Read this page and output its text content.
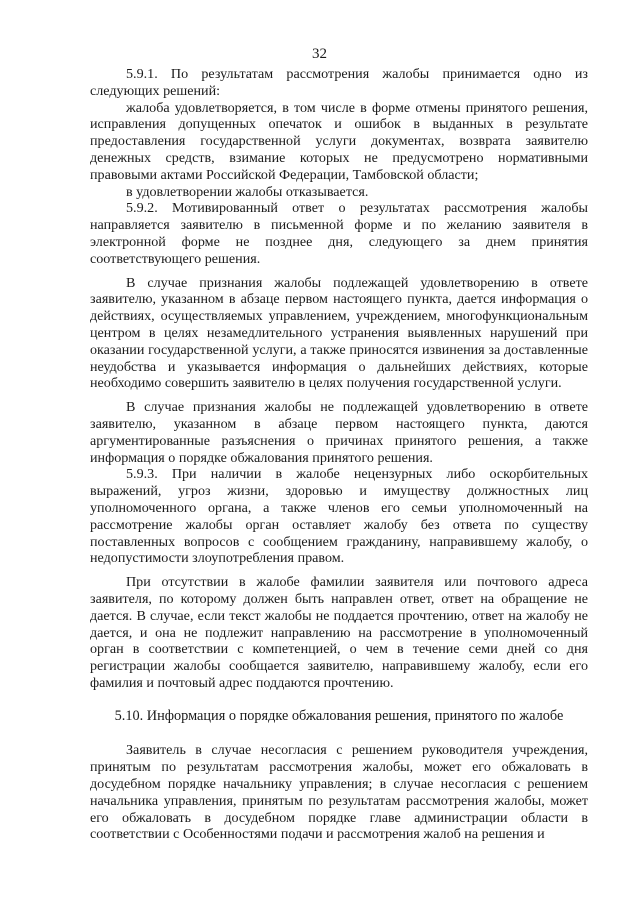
32

5.9.1. По результатам рассмотрения жалобы принимается одно из следующих решений:

жалоба удовлетворяется, в том числе в форме отмены принятого решения, исправления допущенных опечаток и ошибок в выданных в результате предоставления государственной услуги документах, возврата заявителю денежных средств, взимание которых не предусмотрено нормативными правовыми актами Российской Федерации, Тамбовской области;

в удовлетворении жалобы отказывается.

5.9.2. Мотивированный ответ о результатах рассмотрения жалобы направляется заявителю в письменной форме и по желанию заявителя в электронной форме не позднее дня, следующего за днем принятия соответствующего решения.

В случае признания жалобы подлежащей удовлетворению в ответе заявителю, указанном в абзаце первом настоящего пункта, дается информация о действиях, осуществляемых управлением, учреждением, многофункциональным центром в целях незамедлительного устранения выявленных нарушений при оказании государственной услуги, а также приносятся извинения за доставленные неудобства и указывается информация о дальнейших действиях, которые необходимо совершить заявителю в целях получения государственной услуги.

В случае признания жалобы не подлежащей удовлетворению в ответе заявителю, указанном в абзаце первом настоящего пункта, даются аргументированные разъяснения о причинах принятого решения, а также информация о порядке обжалования принятого решения.

5.9.3. При наличии в жалобе нецензурных либо оскорбительных выражений, угроз жизни, здоровью и имуществу должностных лиц уполномоченного органа, а также членов его семьи уполномоченный на рассмотрение жалобы орган оставляет жалобу без ответа по существу поставленных вопросов с сообщением гражданину, направившему жалобу, о недопустимости злоупотребления правом.

При отсутствии в жалобе фамилии заявителя или почтового адреса заявителя, по которому должен быть направлен ответ, ответ на обращение не дается. В случае, если текст жалобы не поддается прочтению, ответ на жалобу не дается, и она не подлежит направлению на рассмотрение в уполномоченный орган в соответствии с компетенцией, о чем в течение семи дней со дня регистрации жалобы сообщается заявителю, направившему жалобу, если его фамилия и почтовый адрес поддаются прочтению.

5.10. Информация о порядке обжалования решения, принятого по жалобе

Заявитель в случае несогласия с решением руководителя учреждения, принятым по результатам рассмотрения жалобы, может его обжаловать в досудебном порядке начальнику управления; в случае несогласия с решением начальника управления, принятым по результатам рассмотрения жалобы, может его обжаловать в досудебном порядке главе администрации области в соответствии с Особенностями подачи и рассмотрения жалоб на решения и
